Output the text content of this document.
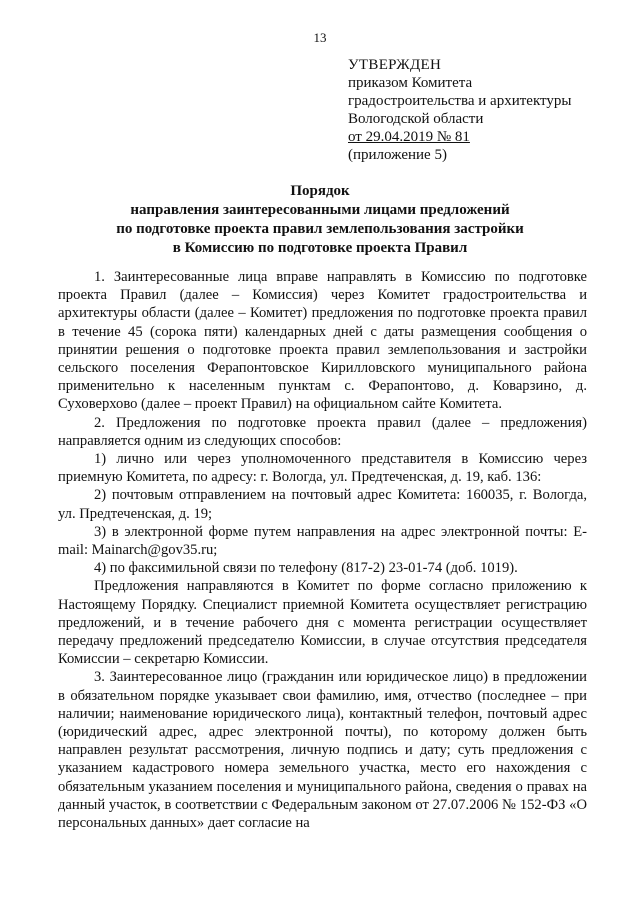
13
УТВЕРЖДЕН
приказом Комитета
градостроительства и архитектуры
Вологодской области
от 29.04.2019 № 81
(приложение 5)
Порядок
направления заинтересованными лицами предложений
по подготовке проекта правил землепользования застройки
в Комиссию по подготовке проекта Правил

1. Заинтересованные лица вправе направлять в Комиссию по подготовке проекта Правил (далее – Комиссия) через Комитет градостроительства и архитектуры области (далее – Комитет) предложения по подготовке проекта правил в течение 45 (сорока пяти) календарных дней с даты размещения сообщения о принятии решения о подготовке проекта правил землепользования и застройки сельского поселения Ферапонтовское Кирилловского муниципального района применительно к населенным пунктам с. Ферапонтово, д. Коварзино, д. Суховерхово (далее – проект Правил) на официальном сайте Комитета.

2. Предложения по подготовке проекта правил (далее – предложения) направляется одним из следующих способов:

1) лично или через уполномоченного представителя в Комиссию через приемную Комитета, по адресу: г. Вологда, ул. Предтеченская, д. 19, каб. 136:

2) почтовым отправлением на почтовый адрес Комитета: 160035, г. Вологда, ул. Предтеченская, д. 19;

3) в электронной форме путем направления на адрес электронной почты: E-mail: Mainarch@gov35.ru;

4) по факсимильной связи по телефону (817-2) 23-01-74 (доб. 1019).

Предложения направляются в Комитет по форме согласно приложению к Настоящему Порядку. Специалист приемной Комитета осуществляет регистрацию предложений, и в течение рабочего дня с момента регистрации осуществляет передачу предложений председателю Комиссии, в случае отсутствия председателя Комиссии – секретарю Комиссии.

3. Заинтересованное лицо (гражданин или юридическое лицо) в предложении в обязательном порядке указывает свои фамилию, имя, отчество (последнее – при наличии; наименование юридического лица), контактный телефон, почтовый адрес (юридический адрес, адрес электронной почты), по которому должен быть направлен результат рассмотрения, личную подпись и дату; суть предложения с указанием кадастрового номера земельного участка, место его нахождения с обязательным указанием поселения и муниципального района, сведения о правах на данный участок, в соответствии с Федеральным законом от 27.07.2006 № 152-ФЗ «О персональных данных» дает согласие на
